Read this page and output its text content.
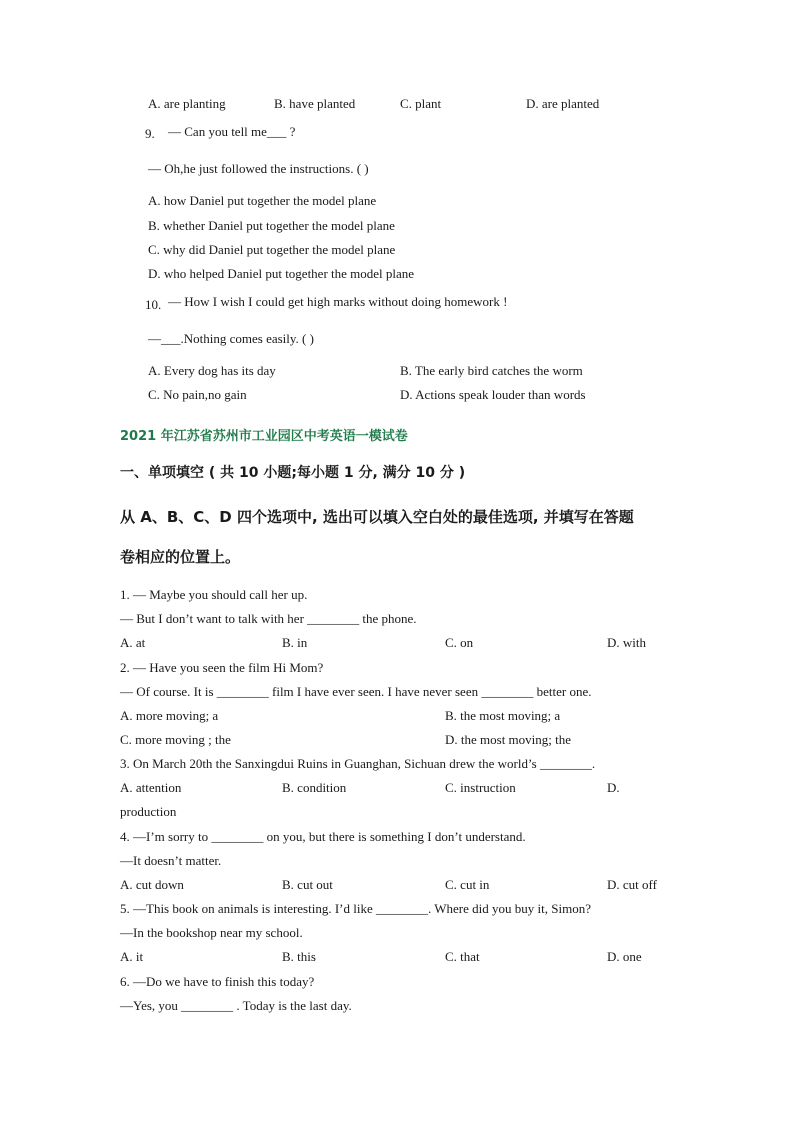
A. are planting	B. have planted	C. plant	D. are planted
9. — Can you tell me___ ?
— Oh,he just followed the instructions. ( )
A. how Daniel put together the model plane
B. whether Daniel put together the model plane
C. why did Daniel put together the model plane
D. who helped Daniel put together the model plane
10. — How I wish I could get high marks without doing homework !
—___.Nothing comes easily. ( )
A. Every dog has its day	B. The early bird catches the worm
C. No pain,no gain	D. Actions speak louder than words
2021 年江苏省苏州市工业园区中考英语一模试卷
一、单项填空 ( 共 10 小题;每小题 1 分, 满分 10 分 )
从 A、B、C、D 四个选项中, 选出可以填入空白处的最佳选项, 并填写在答题
卷相应的位置上。
1. — Maybe you should call her up.
— But I don’t want to talk with her ________ the phone.
A. at	B. in	C. on	D. with
2. — Have you seen the film Hi Mom?
— Of course. It is ________ film I have ever seen. I have never seen ________ better one.
A. more moving; a	B. the most moving; a
C. more moving ; the	D. the most moving; the
3. On March 20th the Sanxingdui Ruins in Guanghan, Sichuan drew the world’s ________.
A. attention	B. condition	C. instruction	D.
production
4. —I’m sorry to ________ on you, but there is something I don’t understand.
—It doesn’t matter.
A. cut down	B. cut out	C. cut in	D. cut off
5. —This book on animals is interesting. I’d like ________. Where did you buy it, Simon?
—In the bookshop near my school.
A. it	B. this	C. that	D. one
6. —Do we have to finish this today?
—Yes, you ________ . Today is the last day.
